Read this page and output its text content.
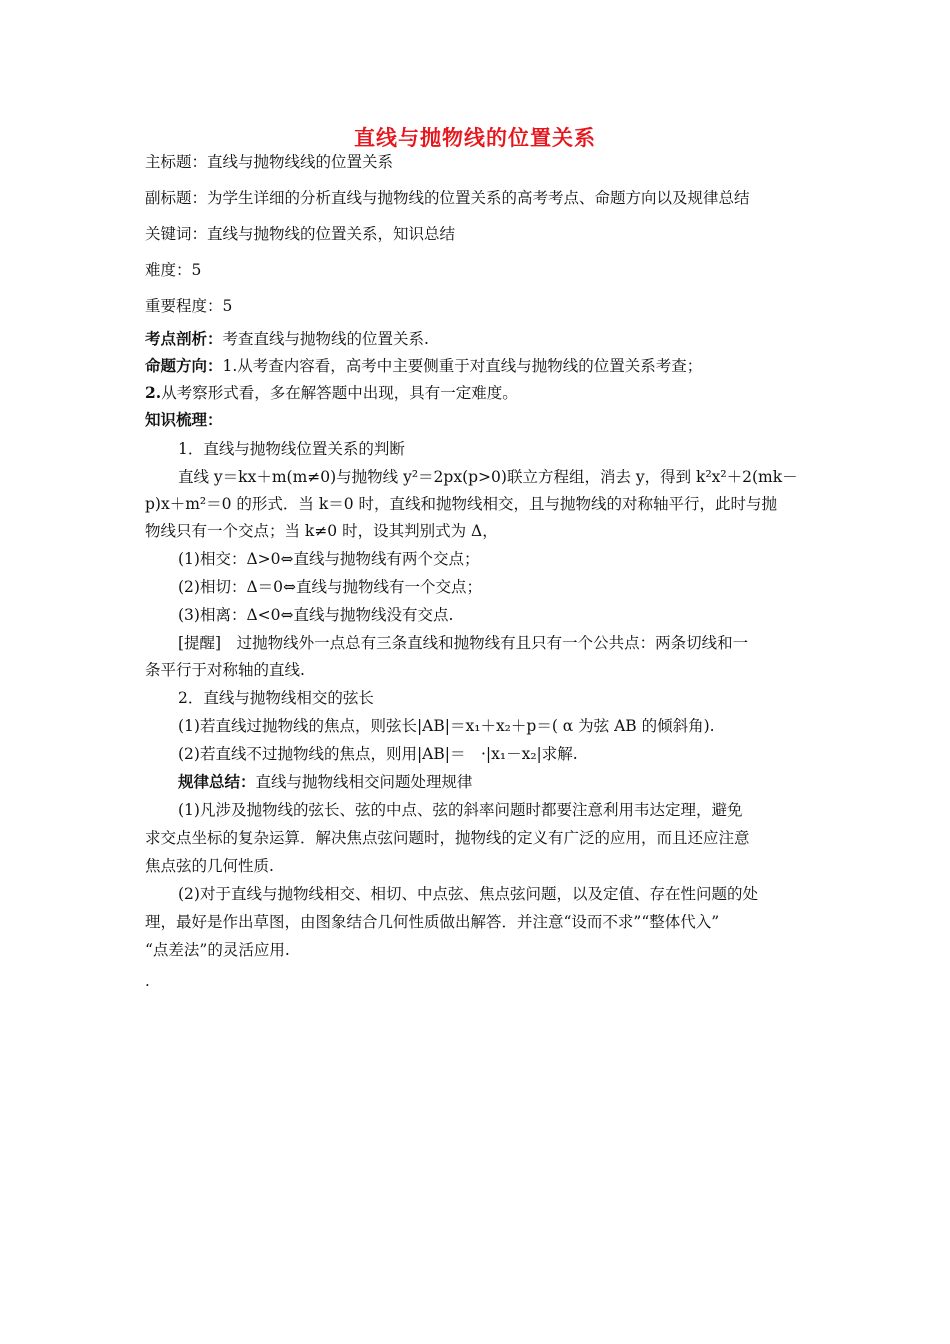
直线与抛物线的位置关系
主标题：直线与抛物线线的位置关系
副标题：为学生详细的分析直线与抛物线的位置关系的高考考点、命题方向以及规律总结
关键词：直线与抛物线的位置关系，知识总结
难度：5
重要程度：5
考点剖析：考查直线与抛物线的位置关系.
命题方向：1.从考查内容看，高考中主要侧重于对直线与抛物线的位置关系考查；
2.从考察形式看，多在解答题中出现，具有一定难度。
知识梳理：
1．直线与抛物线位置关系的判断
直线 y＝kx＋m(m≠0)与抛物线 y²＝2px(p>0)联立方程组，消去 y，得到 k²x²＋2(mk－
p)x＋m²＝0 的形式．当 k＝0 时，直线和抛物线相交，且与抛物线的对称轴平行，此时与抛
物线只有一个交点；当 k≠0 时，设其判别式为 Δ，
(1)相交：Δ>0⇔直线与抛物线有两个交点；
(2)相切：Δ＝0⇔直线与抛物线有一个交点；
(3)相离：Δ<0⇔直线与抛物线没有交点.
[提醒]　过抛物线外一点总有三条直线和抛物线有且只有一个公共点：两条切线和一
条平行于对称轴的直线.
2．直线与抛物线相交的弦长
(1)若直线过抛物线的焦点，则弦长|AB|＝x₁＋x₂＋p＝( α 为弦 AB 的倾斜角).
(2)若直线不过抛物线的焦点，则用|AB|＝　·|x₁－x₂|求解.
规律总结：直线与抛物线相交问题处理规律
(1)凡涉及抛物线的弦长、弦的中点、弦的斜率问题时都要注意利用韦达定理，避免
求交点坐标的复杂运算．解决焦点弦问题时，抛物线的定义有广泛的应用，而且还应注意
焦点弦的几何性质.
(2)对于直线与抛物线相交、相切、中点弦、焦点弦问题，以及定值、存在性问题的处
理，最好是作出草图，由图象结合几何性质做出解答．并注意“设而不求”“整体代入”
“点差法”的灵活应用.
.
